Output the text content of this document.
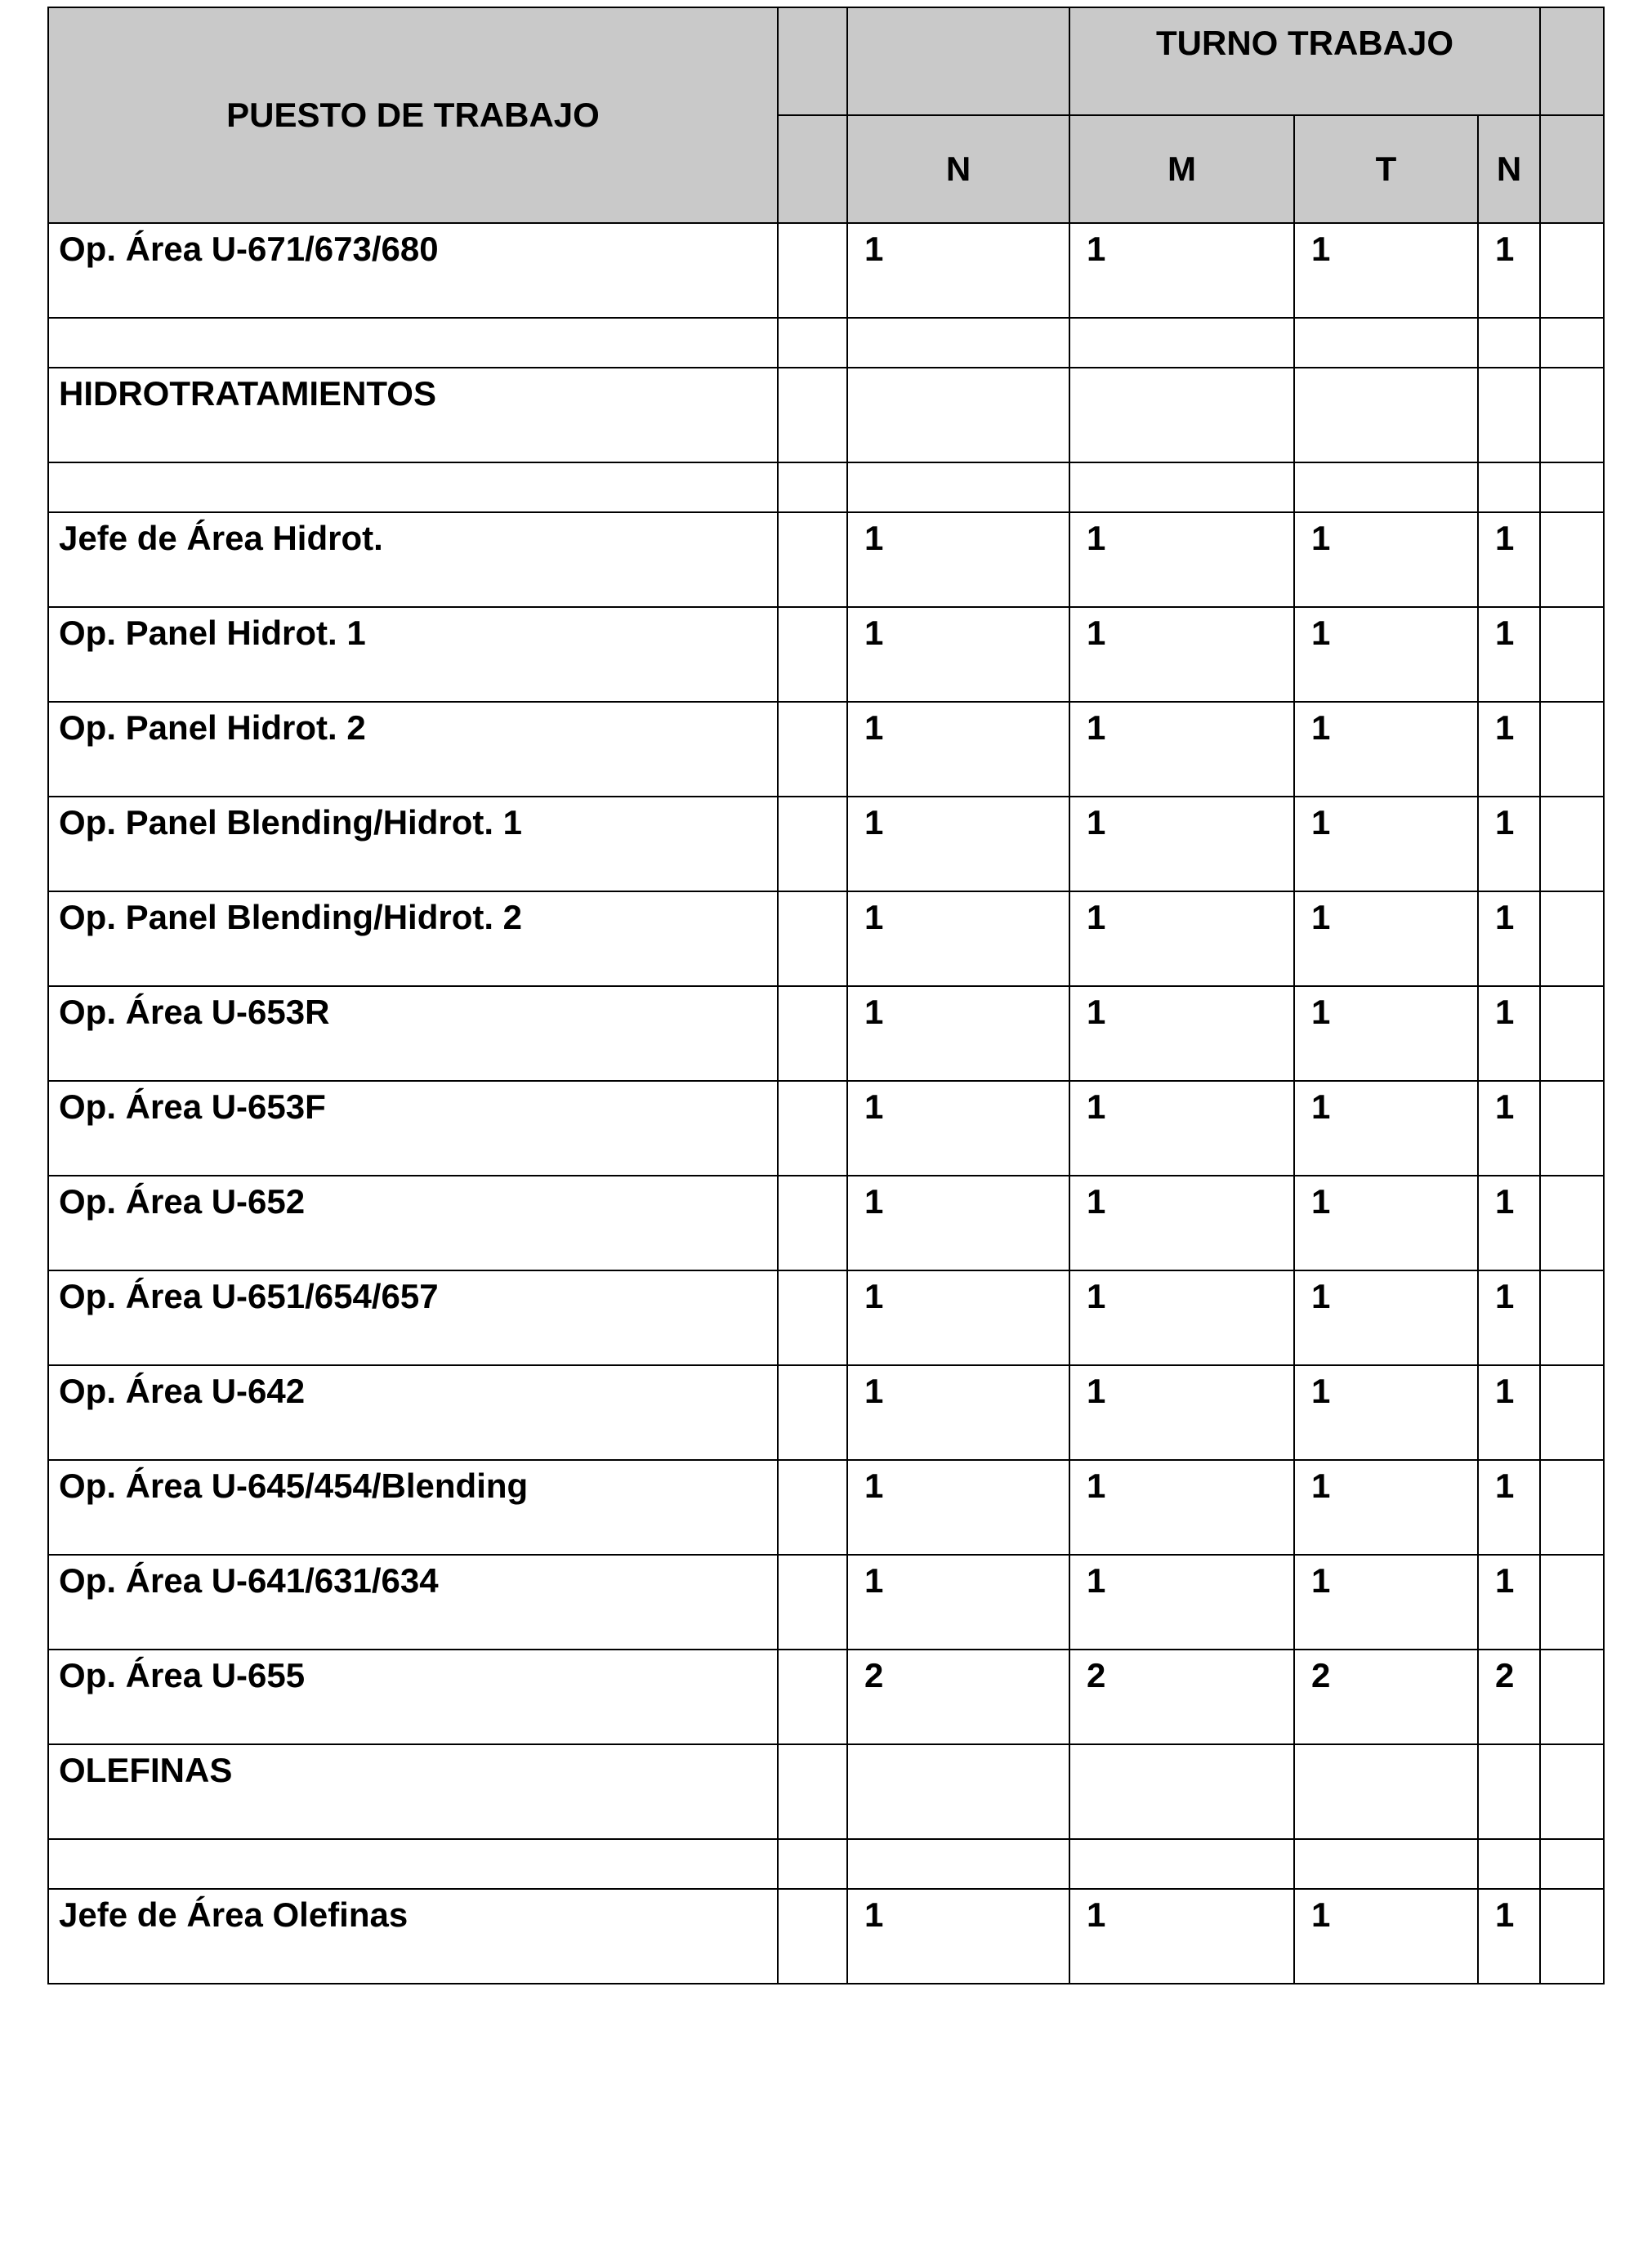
PUESTO DE TRABAJO			TURNO TRABAJO			
		N	M	T	N	
Op. Área U-671/673/680		1	1	1	1	

HIDROTRATAMIENTOS						

Jefe de Área Hidrot.		1	1	1	1	
Op. Panel Hidrot. 1		1	1	1	1	
Op. Panel Hidrot. 2		1	1	1	1	
Op. Panel Blending/Hidrot. 1		1	1	1	1	
Op. Panel Blending/Hidrot. 2		1	1	1	1	
Op. Área U-653R		1	1	1	1	
Op. Área U-653F		1	1	1	1	
Op. Área U-652		1	1	1	1	
Op. Área U-651/654/657		1	1	1	1	
Op. Área U-642		1	1	1	1	
Op. Área U-645/454/Blending		1	1	1	1	
Op. Área U-641/631/634		1	1	1	1	
Op. Área U-655		2	2	2	2	
OLEFINAS						

Jefe de Área Olefinas		1	1	1	1	
